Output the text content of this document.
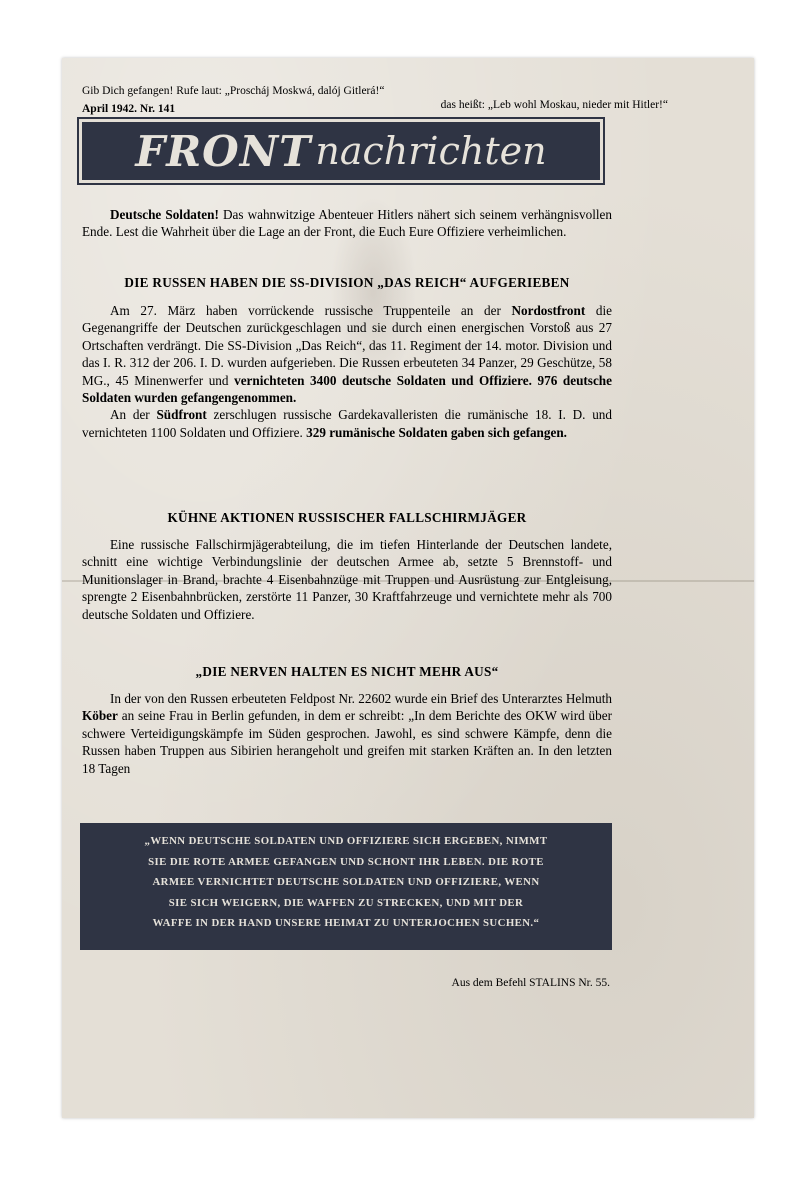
Gib Dich gefangen! Rufe laut: „Proscháj Moskwá, dalój Gitlerá!“
das heißt: „Leb wohl Moskau, nieder mit Hitler!“
April 1942. Nr. 141
FRONT nachrichten

Deutsche Soldaten! Das wahnwitzige Abenteuer Hitlers nähert sich seinem verhängnisvollen Ende. Lest die Wahrheit über die Lage an der Front, die Euch Eure Offiziere verheimlichen.

DIE RUSSEN HABEN DIE SS-DIVISION „DAS REICH“ AUFGERIEBEN

Am 27. März haben vorrückende russische Truppenteile an der Nordostfront die Gegenangriffe der Deutschen zurückgeschlagen und sie durch einen energischen Vorstoß aus 27 Ortschaften verdrängt. Die SS-Division „Das Reich“, das 11. Regiment der 14. motor. Division und das I. R. 312 der 206. I. D. wurden aufgerieben. Die Russen erbeuteten 34 Panzer, 29 Geschütze, 58 MG., 45 Minenwerfer und vernichteten 3400 deutsche Soldaten und Offiziere. 976 deutsche Soldaten wurden gefangengenommen.

An der Südfront zerschlugen russische Gardekavalleristen die rumänische 18. I. D. und vernichteten 1100 Soldaten und Offiziere. 329 rumänische Soldaten gaben sich gefangen.

KÜHNE AKTIONEN RUSSISCHER FALLSCHIRMJÄGER

Eine russische Fallschirmjägerabteilung, die im tiefen Hinterlande der Deutschen landete, schnitt eine wichtige Verbindungslinie der deutschen Armee ab, setzte 5 Brennstoff- und Munitionslager in Brand, brachte 4 Eisenbahnzüge mit Truppen und Ausrüstung zur Entgleisung, sprengte 2 Eisenbahnbrücken, zerstörte 11 Panzer, 30 Kraftfahrzeuge und vernichtete mehr als 700 deutsche Soldaten und Offiziere.

„DIE NERVEN HALTEN ES NICHT MEHR AUS“

In der von den Russen erbeuteten Feldpost Nr. 22602 wurde ein Brief des Unterarztes Helmuth Köber an seine Frau in Berlin gefunden, in dem er schreibt: „In dem Berichte des OKW wird über schwere Verteidigungskämpfe im Süden gesprochen. Jawohl, es sind schwere Kämpfe, denn die Russen haben Truppen aus Sibirien herangeholt und greifen mit starken Kräften an. In den letzten 18 Tagen

„WENN DEUTSCHE SOLDATEN UND OFFIZIERE SICH ERGEBEN, NIMMT
SIE DIE ROTE ARMEE GEFANGEN UND SCHONT IHR LEBEN. DIE ROTE
ARMEE VERNICHTET DEUTSCHE SOLDATEN UND OFFIZIERE, WENN
SIE SICH WEIGERN, DIE WAFFEN ZU STRECKEN, UND MIT DER
WAFFE IN DER HAND UNSERE HEIMAT ZU UNTERJOCHEN SUCHEN.“
Aus dem Befehl STALINS Nr. 55.
